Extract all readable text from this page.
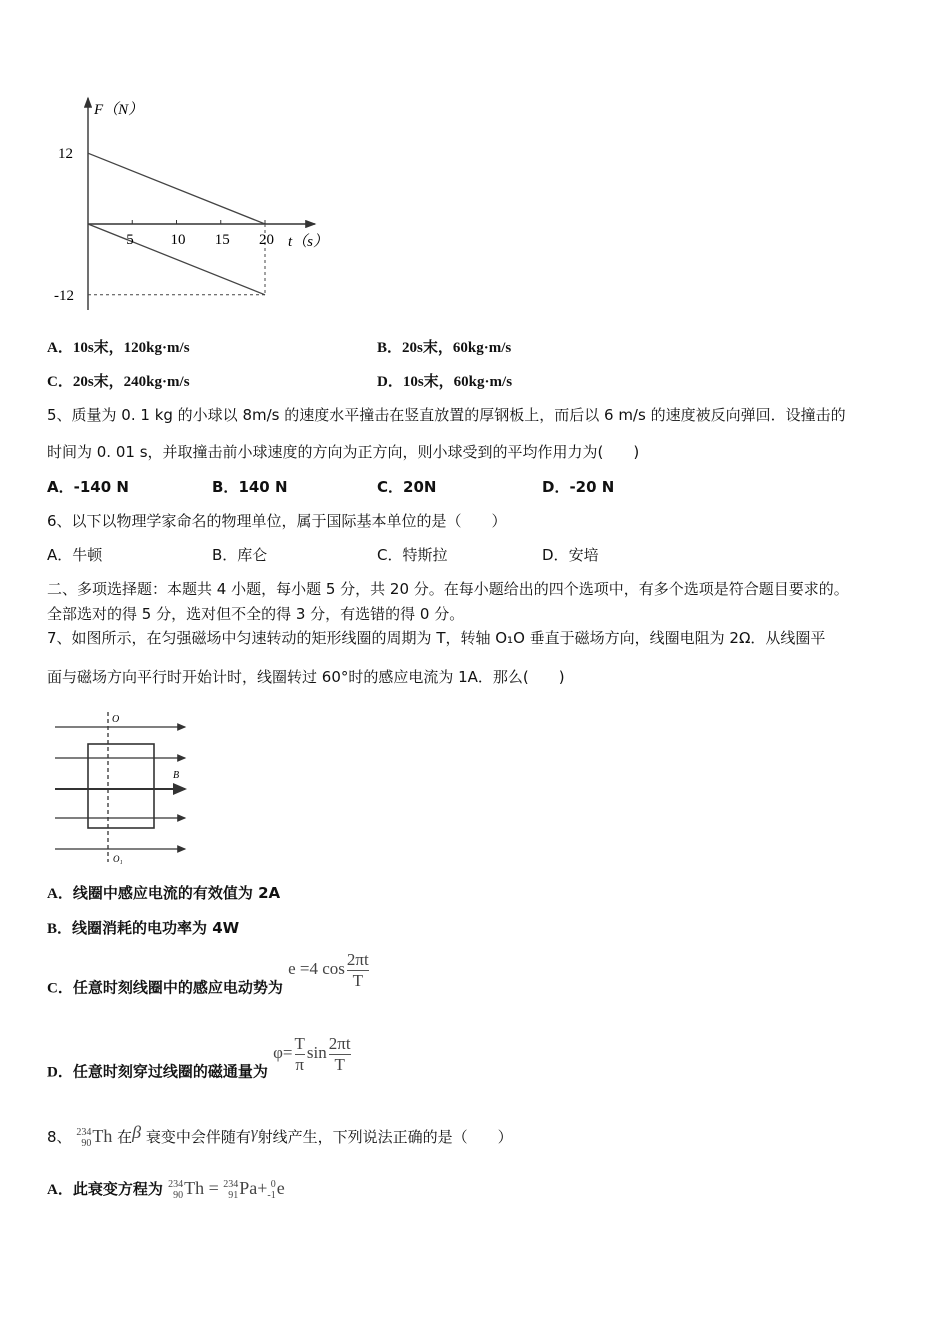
5 10 15 20
12
-12
F（N）
t（s）
A．10s末，120kg·m/s	B．20s末，60kg·m/s
C．20s末，240kg·m/s	D．10s末，60kg·m/s
5、质量为 0. 1 kg 的小球以 8m/s 的速度水平撞击在竖直放置的厚钢板上，而后以 6 m/s 的速度被反向弹回．设撞击的
时间为 0. 01 s，并取撞击前小球速度的方向为正方向，则小球受到的平均作用力为(　　)
A．-140 N	B．140 N	C．20N	D．-20 N
6、以下以物理学家命名的物理单位，属于国际基本单位的是（　　）
A．牛顿	B．库仑	C．特斯拉	D．安培
二、多项选择题：本题共 4 小题，每小题 5 分，共 20 分。在每小题给出的四个选项中，有多个选项是符合题目要求的。
全部选对的得 5 分，选对但不全的得 3 分，有选错的得 0 分。
7、如图所示，在匀强磁场中匀速转动的矩形线圈的周期为 T，转轴 O₁O 垂直于磁场方向，线圈电阻为 2Ω．从线圈平
面与磁场方向平行时开始计时，线圈转过 60°时的感应电流为 1A．那么(　　)
O
O₁
B
A．线圈中感应电流的有效值为 2A
B．线圈消耗的电功率为 4W
C．任意时刻线圈中的感应电动势为 e =4 $\cos \frac{2\pi t}{T}$
D．任意时刻穿过线圈的磁通量为 $\varphi= \frac{T}{\pi}$ $\sin \frac{2\pi t}{T}$
8、 234
90 Th 在β 衰变中会伴随有γ射线产生，下列说法正确的是（　　）
A．此衰变方程为 234
90 Th = 234
91 Pa+ 0
-1 e
